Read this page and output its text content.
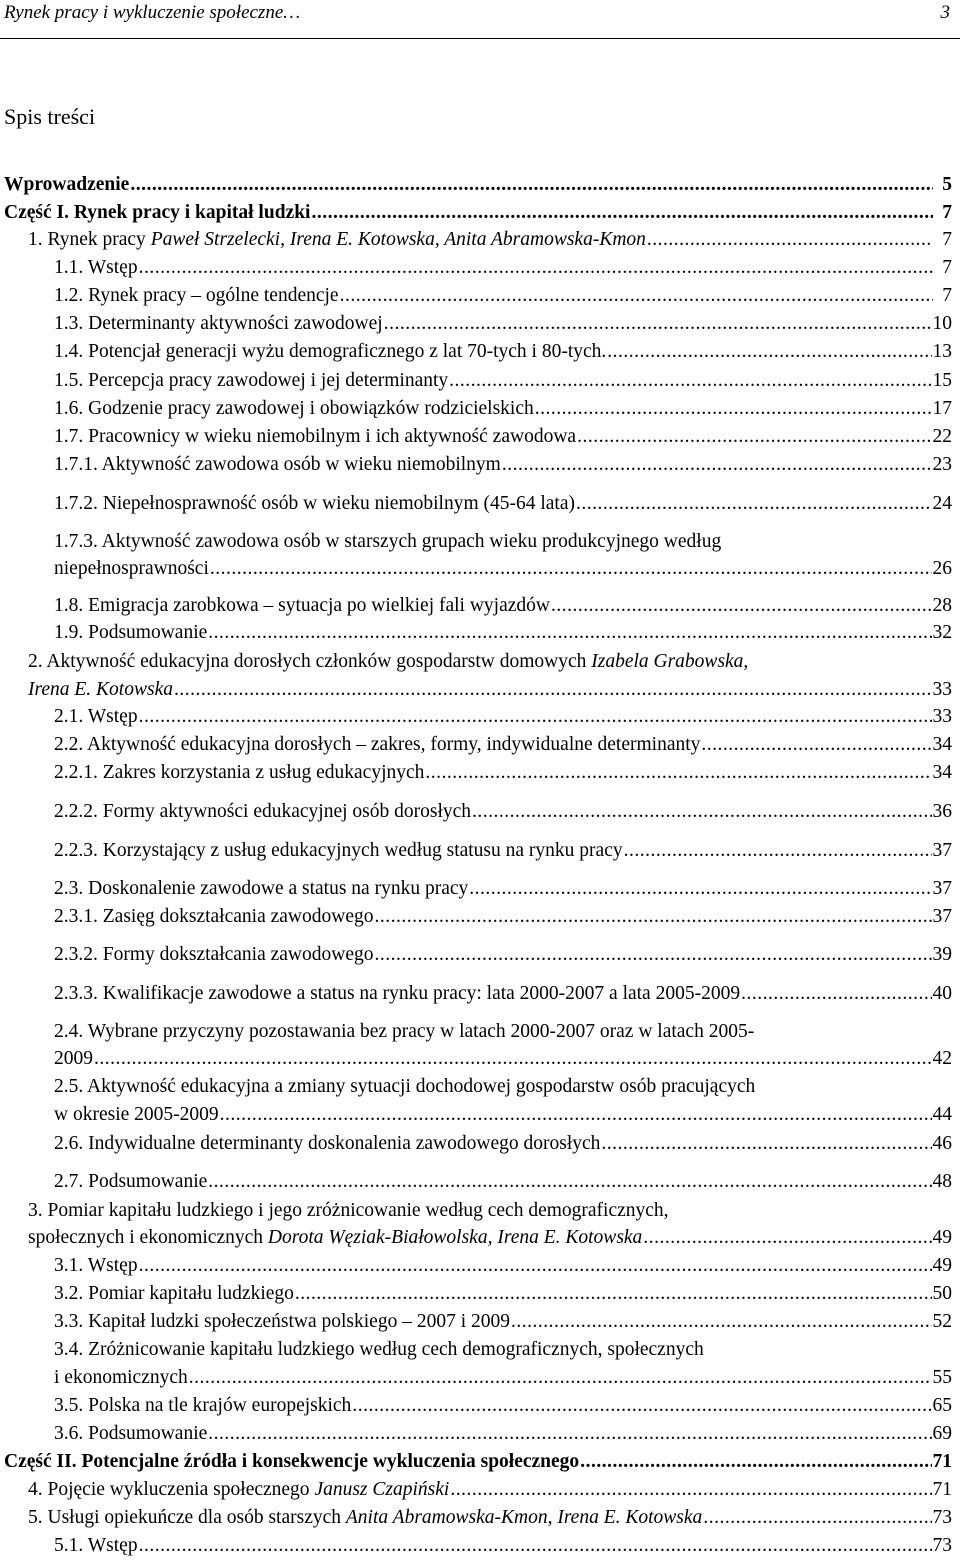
Rynek pracy i wykluczenie społeczne…	3
Spis treści
Wprowadzenie .....	5
Część I. Rynek pracy i kapitał ludzki .....	7
1. Rynek pracy Paweł Strzelecki, Irena E. Kotowska, Anita Abramowska-Kmon .....	7
1.1. Wstęp .....	7
1.2. Rynek pracy – ogólne tendencje .....	7
1.3. Determinanty aktywności zawodowej .....	10
1.4. Potencjał generacji wyżu demograficznego z lat 70-tych i 80-tych. .....	13
1.5. Percepcja pracy zawodowej i jej determinanty .....	15
1.6. Godzenie pracy zawodowej i obowiązków rodzicielskich .....	17
1.7. Pracownicy w wieku niemobilnym i ich aktywność zawodowa .....	22
1.7.1. Aktywność zawodowa osób w wieku niemobilnym .....	23
1.7.2. Niepełnosprawność osób w wieku niemobilnym (45-64 lata) .....	24
1.7.3. Aktywność zawodowa osób w starszych grupach wieku produkcyjnego według
niepełnosprawności .....	26
1.8. Emigracja zarobkowa – sytuacja po wielkiej fali wyjazdów .....	28
1.9. Podsumowanie .....	32
2. Aktywność edukacyjna dorosłych członków gospodarstw domowych Izabela Grabowska,
Irena E. Kotowska .....	33
2.1. Wstęp .....	33
2.2. Aktywność edukacyjna dorosłych – zakres, formy, indywidualne determinanty .....	34
2.2.1. Zakres korzystania z usług edukacyjnych .....	34
2.2.2. Formy aktywności edukacyjnej osób dorosłych .....	36
2.2.3. Korzystający z usług edukacyjnych według statusu na rynku pracy .....	37
2.3. Doskonalenie zawodowe a status na rynku pracy .....	37
2.3.1. Zasięg dokształcania zawodowego .....	37
2.3.2. Formy dokształcania zawodowego .....	39
2.3.3. Kwalifikacje zawodowe a status na rynku pracy: lata 2000-2007 a lata 2005-2009 .....	40
2.4. Wybrane przyczyny pozostawania bez pracy w latach 2000-2007 oraz w latach 2005-
2009 .....	42
2.5. Aktywność edukacyjna a zmiany sytuacji dochodowej gospodarstw osób pracujących
w okresie 2005-2009 .....	44
2.6. Indywidualne determinanty doskonalenia zawodowego dorosłych .....	46
2.7. Podsumowanie .....	48
3. Pomiar kapitału ludzkiego i jego zróżnicowanie według cech demograficznych,
społecznych i ekonomicznych Dorota Węziak-Białowolska, Irena E. Kotowska .....	49
3.1. Wstęp .....	49
3.2. Pomiar kapitału ludzkiego .....	50
3.3. Kapitał ludzki społeczeństwa polskiego – 2007 i 2009 .....	52
3.4. Zróżnicowanie kapitału ludzkiego według cech demograficznych, społecznych
i ekonomicznych .....	55
3.5. Polska na tle krajów europejskich .....	65
3.6. Podsumowanie .....	69
Część II. Potencjalne źródła i konsekwencje wykluczenia społecznego .....	71
4. Pojęcie wykluczenia społecznego Janusz Czapiński .....	71
5. Usługi opiekuńcze dla osób starszych Anita Abramowska-Kmon, Irena E. Kotowska .....	73
5.1. Wstęp .....	73
